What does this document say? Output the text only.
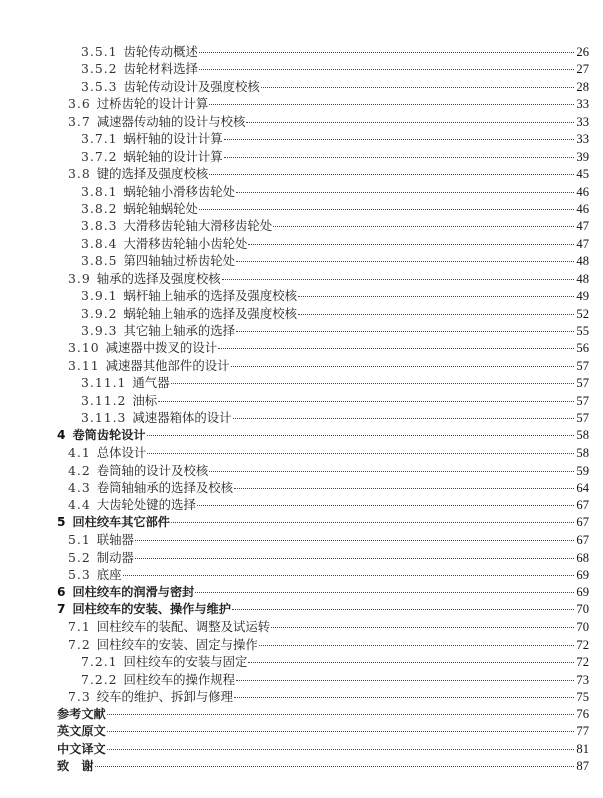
3.5.1 齿轮传动概述	26
3.5.2 齿轮材料选择	27
3.5.3 齿轮传动设计及强度校核	28
3.6 过桥齿轮的设计计算	33
3.7 减速器传动轴的设计与校核	33
3.7.1 蜗杆轴的设计计算	33
3.7.2 蜗轮轴的设计计算	39
3.8 键的选择及强度校核	45
3.8.1 蜗轮轴小滑移齿轮处	46
3.8.2 蜗轮轴蜗轮处	46
3.8.3 大滑移齿轮轴大滑移齿轮处	47
3.8.4 大滑移齿轮轴小齿轮处	47
3.8.5 第四轴轴过桥齿轮处	48
3.9 轴承的选择及强度校核	48
3.9.1 蜗杆轴上轴承的选择及强度校核	49
3.9.2 蜗轮轴上轴承的选择及强度校核	52
3.9.3 其它轴上轴承的选择	55
3.10 减速器中拨叉的设计	56
3.11 减速器其他部件的设计	57
3.11.1 通气器	57
3.11.2 油标	57
3.11.3 减速器箱体的设计	57
4 卷筒齿轮设计	58
4.1 总体设计	58
4.2 卷筒轴的设计及校核	59
4.3 卷筒轴轴承的选择及校核	64
4.4 大齿轮处键的选择	67
5 回柱绞车其它部件	67
5.1 联轴器	67
5.2 制动器	68
5.3 底座	69
6 回柱绞车的润滑与密封	69
7 回柱绞车的安装、操作与维护	70
7.1 回柱绞车的装配、调整及试运转	70
7.2 回柱绞车的安装、固定与操作	72
7.2.1 回柱绞车的安装与固定	72
7.2.2 回柱绞车的操作规程	73
7.3 绞车的维护、拆卸与修理	75
参考文献	76
英文原文	77
中文译文	81
致　谢	87
